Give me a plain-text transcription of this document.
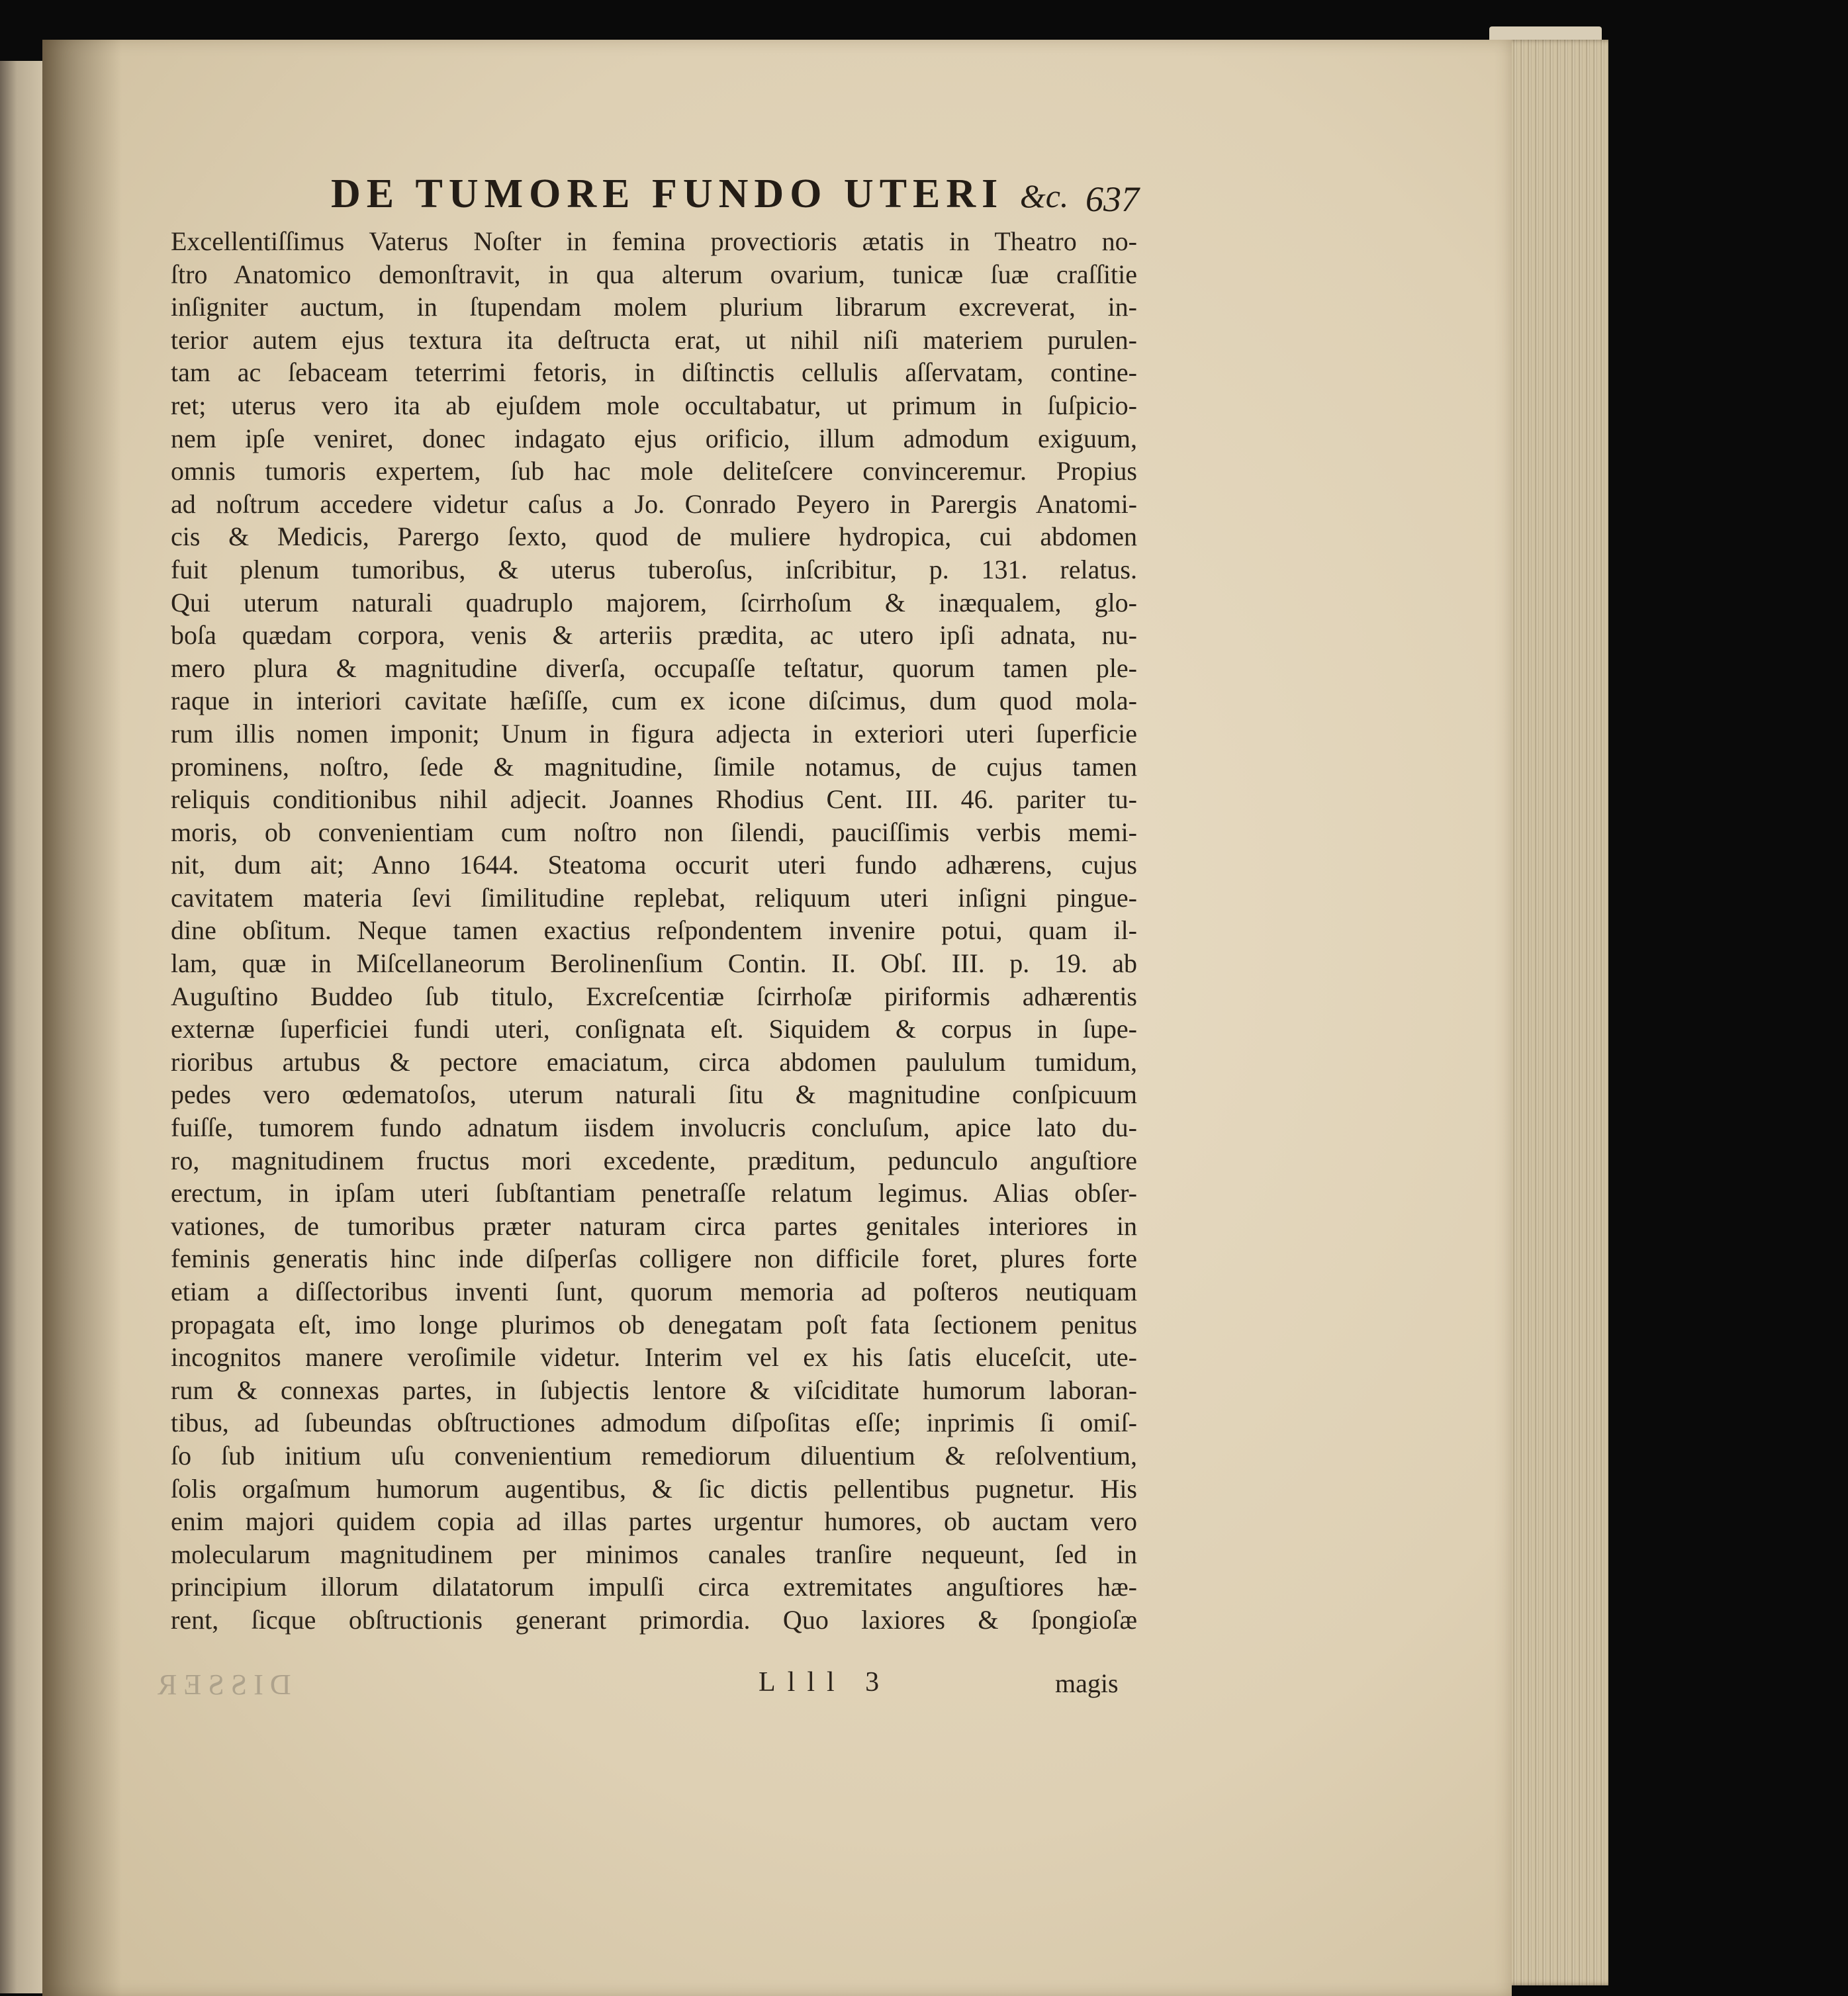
DE TUMORE FUNDO UTERI &c. 637
Excellentiſſimus Vaterus Noſter in femina provectioris ætatis in Theatro no-
ſtro Anatomico demonſtravit, in qua alterum ovarium, tunicæ ſuæ craſſitie
inſigniter auctum, in ſtupendam molem plurium librarum excreverat, in-
terior autem ejus textura ita deſtructa erat, ut nihil niſi materiem purulen-
tam ac ſebaceam teterrimi fetoris, in diſtinctis cellulis aſſervatam, contine-
ret; uterus vero ita ab ejuſdem mole occultabatur, ut primum in ſuſpicio-
nem ipſe veniret, donec indagato ejus orificio, illum admodum exiguum,
omnis tumoris expertem, ſub hac mole deliteſcere convinceremur. Propius
ad noſtrum accedere videtur caſus a Jo. Conrado Peyero in Parergis Anatomi-
cis & Medicis, Parergo ſexto, quod de muliere hydropica, cui abdomen
fuit plenum tumoribus, & uterus tuberoſus, inſcribitur, p. 131. relatus.
Qui uterum naturali quadruplo majorem, ſcirrhoſum & inæqualem, glo-
boſa quædam corpora, venis & arteriis prædita, ac utero ipſi adnata, nu-
mero plura & magnitudine diverſa, occupaſſe teſtatur, quorum tamen ple-
raque in interiori cavitate hæſiſſe, cum ex icone diſcimus, dum quod mola-
rum illis nomen imponit; Unum in figura adjecta in exteriori uteri ſuperficie
prominens, noſtro, ſede & magnitudine, ſimile notamus, de cujus tamen
reliquis conditionibus nihil adjecit. Joannes Rhodius Cent. III. 46. pariter tu-
moris, ob convenientiam cum noſtro non ſilendi, pauciſſimis verbis memi-
nit, dum ait; Anno 1644. Steatoma occurit uteri fundo adhærens, cujus
cavitatem materia ſevi ſimilitudine replebat, reliquum uteri inſigni pingue-
dine obſitum. Neque tamen exactius reſpondentem invenire potui, quam il-
lam, quæ in Miſcellaneorum Berolinenſium Contin. II. Obſ. III. p. 19. ab
Auguſtino Buddeo ſub titulo, Excreſcentiæ ſcirrhoſæ piriformis adhærentis
externæ ſuperficiei fundi uteri, conſignata eſt. Siquidem & corpus in ſupe-
rioribus artubus & pectore emaciatum, circa abdomen paululum tumidum,
pedes vero œdematoſos, uterum naturali ſitu & magnitudine conſpicuum
fuiſſe, tumorem fundo adnatum iisdem involucris concluſum, apice lato du-
ro, magnitudinem fructus mori excedente, præditum, pedunculo anguſtiore
erectum, in ipſam uteri ſubſtantiam penetraſſe relatum legimus. Alias obſer-
vationes, de tumoribus præter naturam circa partes genitales interiores in
feminis generatis hinc inde diſperſas colligere non difficile foret, plures forte
etiam a diſſectoribus inventi ſunt, quorum memoria ad poſteros neutiquam
propagata eſt, imo longe plurimos ob denegatam poſt fata ſectionem penitus
incognitos manere veroſimile videtur. Interim vel ex his ſatis eluceſcit, ute-
rum & connexas partes, in ſubjectis lentore & viſciditate humorum laboran-
tibus, ad ſubeundas obſtructiones admodum diſpoſitas eſſe; inprimis ſi omiſ-
ſo ſub initium uſu convenientium remediorum diluentium & reſolventium,
ſolis orgaſmum humorum augentibus, & ſic dictis pellentibus pugnetur. His
enim majori quidem copia ad illas partes urgentur humores, ob auctam vero
molecularum magnitudinem per minimos canales tranſire nequeunt, ſed in
principium illorum dilatatorum impulſi circa extremitates anguſtiores hæ-
rent, ſicque obſtructionis generant primordia. Quo laxiores & ſpongioſæ
DISSER	Llll 3	magis
